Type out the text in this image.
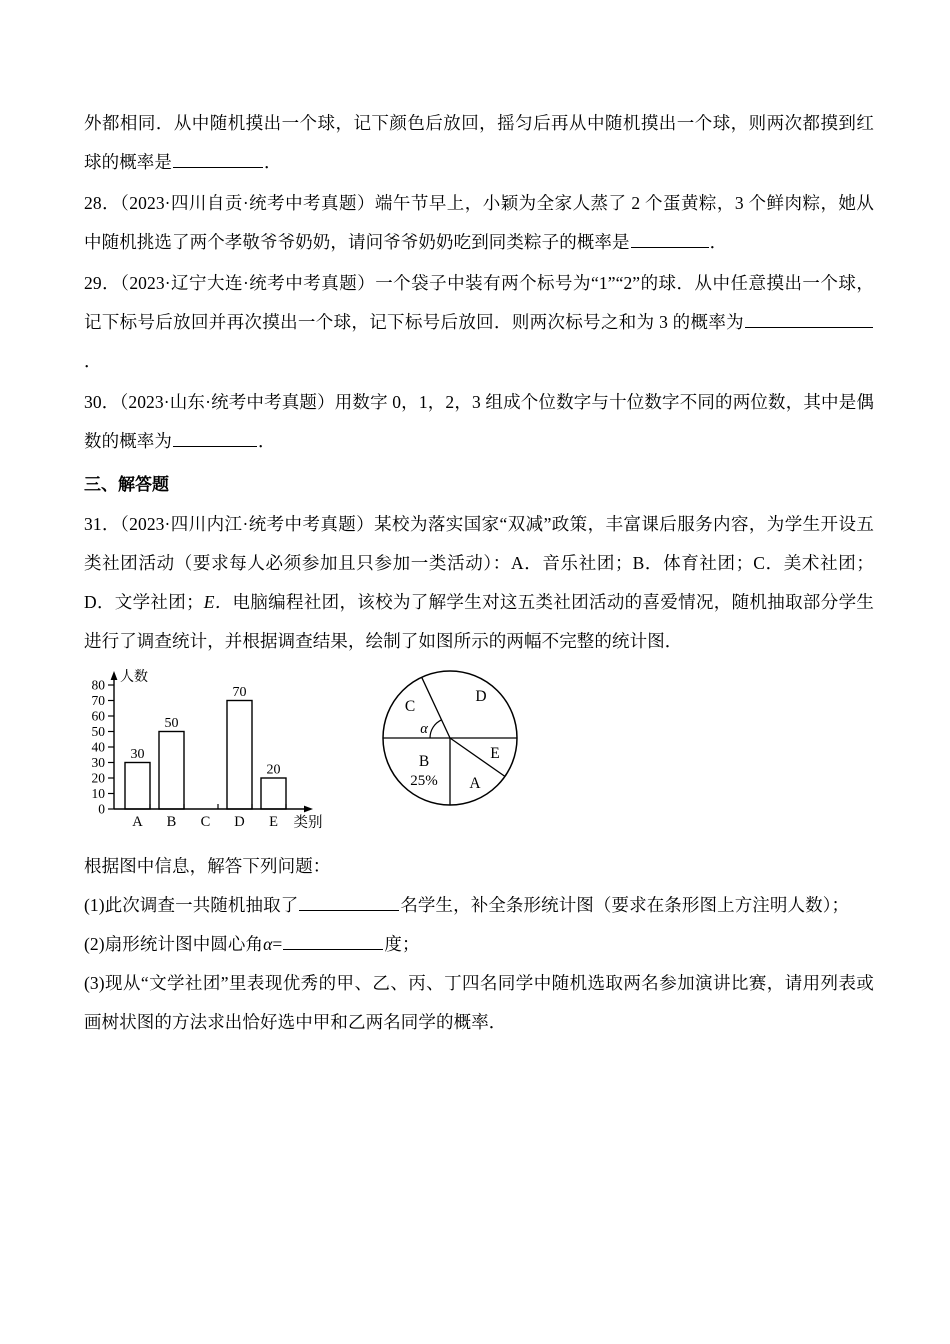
外都相同．从中随机摸出一个球，记下颜色后放回，摇匀后再从中随机摸出一个球，则两次都摸到红球的概率是	．

28．（2023·四川自贡·统考中考真题）端午节早上，小颖为全家人蒸了 2 个蛋黄粽，3 个鲜肉粽，她从中随机挑选了两个孝敬爷爷奶奶，请问爷爷奶奶吃到同类粽子的概率是	．

29．（2023·辽宁大连·统考中考真题）一个袋子中装有两个标号为“1”“2”的球．从中任意摸出一个球，记下标号后放回并再次摸出一个球，记下标号后放回．则两次标号之和为 3 的概率为．

30．（2023·山东·统考中考真题）用数字 0，1，2，3 组成个位数字与十位数字不同的两位数，其中是偶数的概率为	．

三、解答题

31．（2023·四川内江·统考中考真题）某校为落实国家“双减”政策，丰富课后服务内容，为学生开设五类社团活动（要求每人必须参加且只参加一类活动）：A．音乐社团；B．体育社团；C．美术社团；D．文学社团；E．电脑编程社团，该校为了解学生对这五类社团活动的喜爱情况，随机抽取部分学生进行了调查统计，并根据调查结果，绘制了如图所示的两幅不完整的统计图．

0
10
20
30
40
50
60
70
80 人数
30
50
70
20
A B C D E 类别
D
C
B
25% A
E
α

根据图中信息，解答下列问题：

(1)此次调查一共随机抽取了	名学生，补全条形统计图（要求在条形图上方注明人数）；

(2)扇形统计图中圆心角α=	度；

(3)现从“文学社团”里表现优秀的甲、乙、丙、丁四名同学中随机选取两名参加演讲比赛，请用列表或画树状图的方法求出恰好选中甲和乙两名同学的概率．
